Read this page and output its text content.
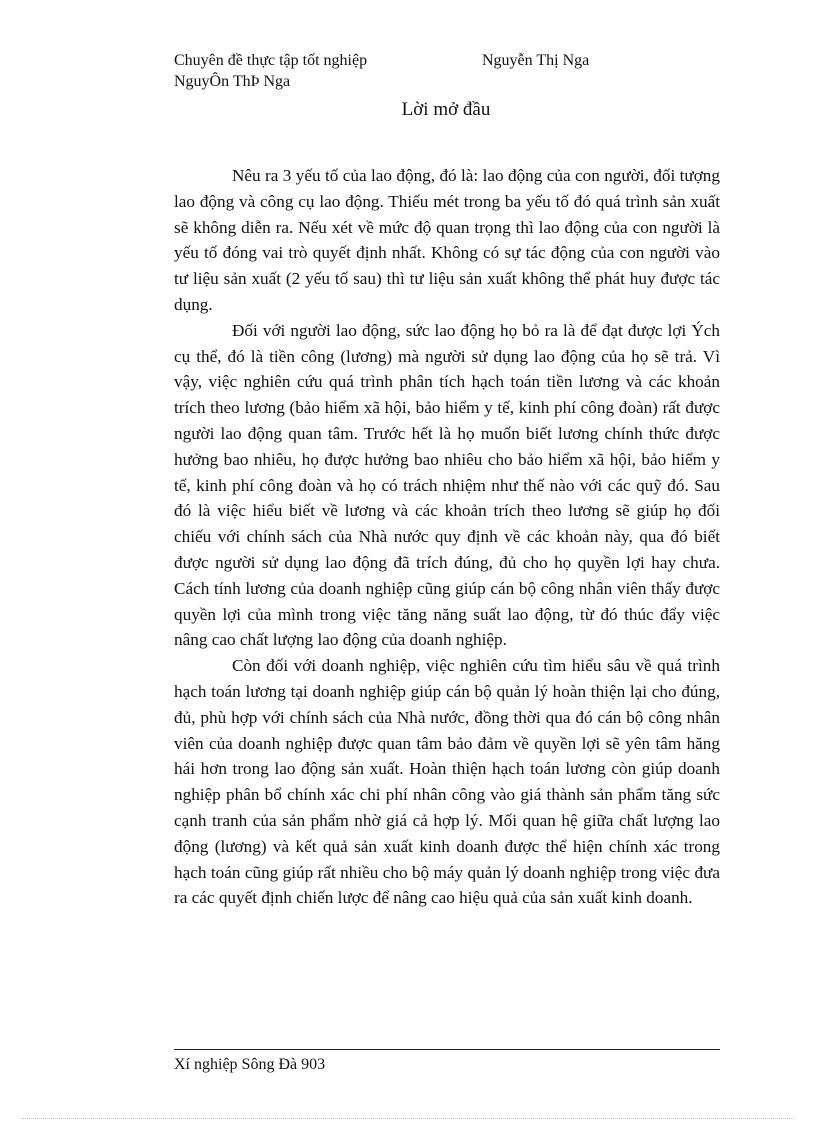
Chuyên đề thực tập tốt nghiệp	Nguyễn Thị Nga
NguyÔn ThÞ Nga
Lời mở đầu

Nêu ra 3 yếu tố của lao động, đó là: lao động của con người, đối tượng lao động và công cụ lao động. Thiếu mét trong ba yếu tố đó quá trình sản xuất sẽ không diễn ra. Nếu xét về mức độ quan trọng thì lao động của con người là yếu tố đóng vai trò quyết định nhất. Không có sự tác động của con người vào tư liệu sản xuất (2 yếu tố sau) thì tư liệu sản xuất không thể phát huy được tác dụng.

Đối với người lao động, sức lao động họ bỏ ra là để đạt được lợi Ých cụ thể, đó là tiền công (lương) mà người sử dụng lao động của họ sẽ trả. Vì vậy, việc nghiên cứu quá trình phân tích hạch toán tiền lương và các khoản trích theo lương (bảo hiểm xã hội, bảo hiểm y tế, kinh phí công đoàn) rất được người lao động quan tâm. Trước hết là họ muốn biết lương chính thức được hưởng bao nhiêu, họ được hưởng bao nhiêu cho bảo hiểm xã hội, bảo hiểm y tế, kinh phí công đoàn và họ có trách nhiệm như thế nào với các quỹ đó. Sau đó là việc hiểu biết về lương và các khoản trích theo lương sẽ giúp họ đối chiếu với chính sách của Nhà nước quy định về các khoản này, qua đó biết được người sử dụng lao động đã trích đúng, đủ cho họ quyền lợi hay chưa. Cách tính lương của doanh nghiệp cũng giúp cán bộ công nhân viên thấy được quyền lợi của mình trong việc tăng năng suất lao động, từ đó thúc đẩy việc nâng cao chất lượng lao động của doanh nghiệp.

Còn đối với doanh nghiệp, việc nghiên cứu tìm hiểu sâu về quá trình hạch toán lương tại doanh nghiệp giúp cán bộ quản lý hoàn thiện lại cho đúng, đủ, phù hợp với chính sách của Nhà nước, đồng thời qua đó cán bộ công nhân viên của doanh nghiệp được quan tâm bảo đảm về quyền lợi sẽ yên tâm hăng hái hơn trong lao động sản xuất. Hoàn thiện hạch toán lương còn giúp doanh nghiệp phân bổ chính xác chi phí nhân công vào giá thành sản phẩm tăng sức cạnh tranh của sản phẩm nhờ giá cả hợp lý. Mối quan hệ giữa chất lượng lao động (lương) và kết quả sản xuất kinh doanh được thể hiện chính xác trong hạch toán cũng giúp rất nhiều cho bộ máy quản lý doanh nghiệp trong việc đưa ra các quyết định chiến lược để nâng cao hiệu quả của sản xuất kinh doanh.

Xí nghiệp Sông Đà 903
